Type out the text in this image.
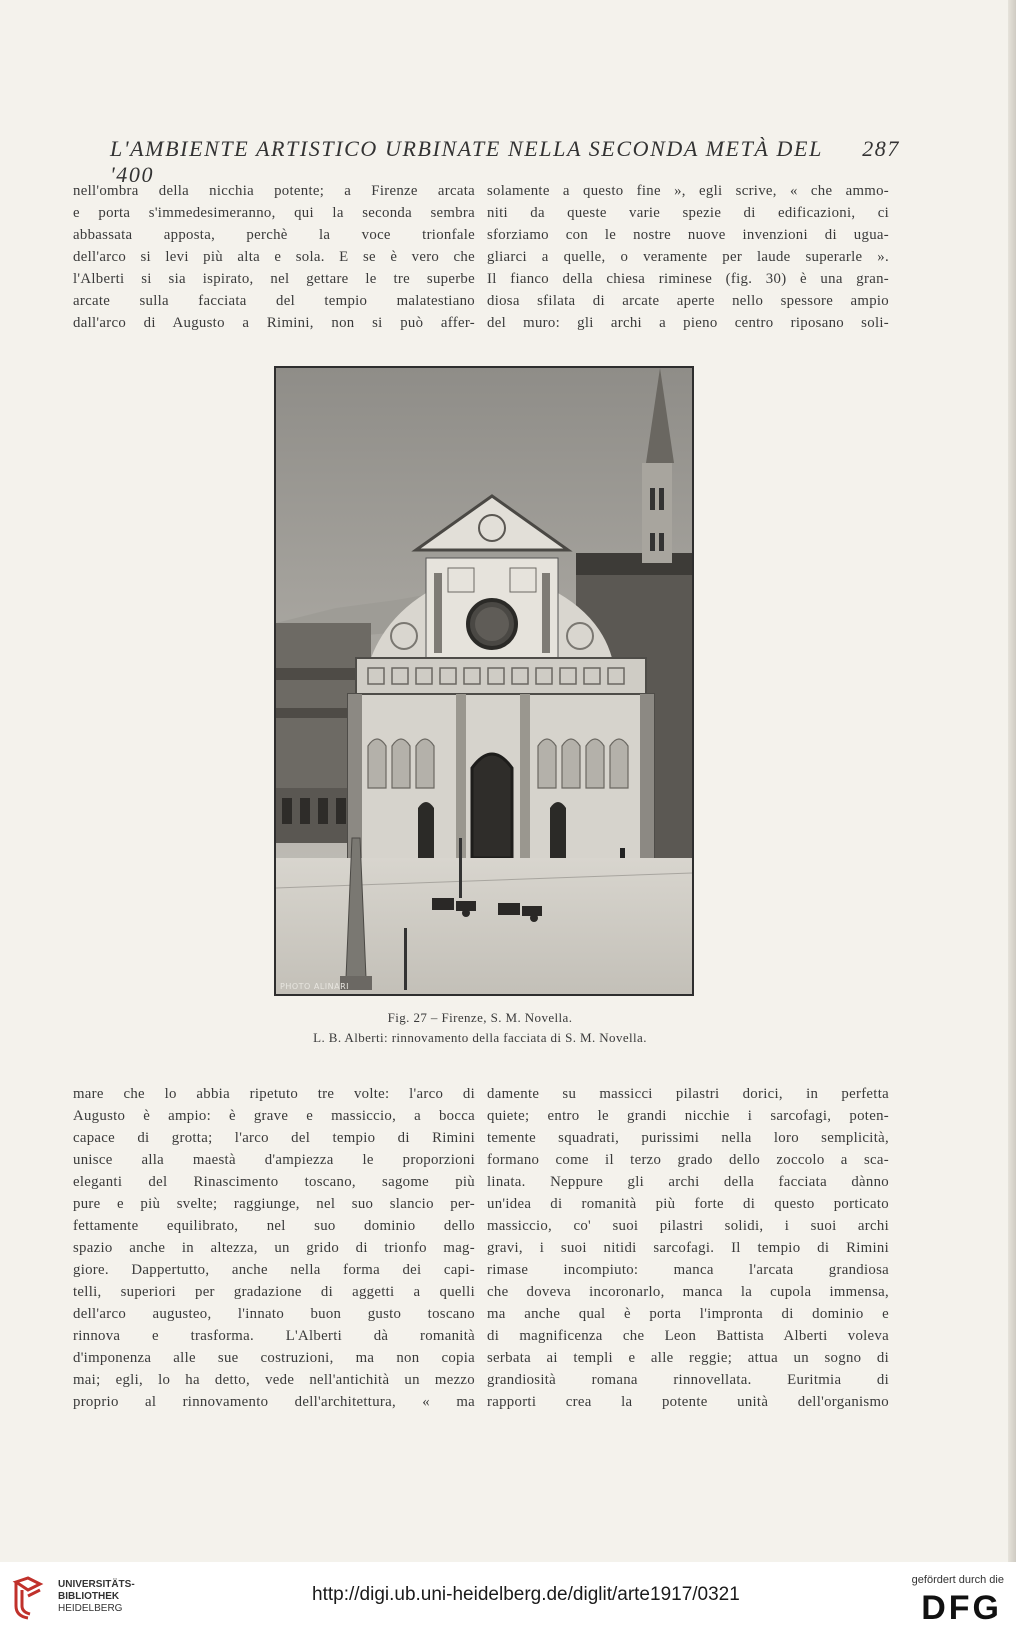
L'AMBIENTE ARTISTICO URBINATE NELLA SECONDA METÀ DEL '400
287
nell'ombra della nicchia potente; a Firenze arcata
e porta s'immedesimeranno, qui la seconda sembra
abbassata apposta, perchè la voce trionfale
dell'arco si levi più alta e sola. E se è vero che
l'Alberti si sia ispirato, nel gettare le tre superbe
arcate sulla facciata del tempio malatestiano
dall'arco di Augusto a Rimini, non si può affer-
solamente a questo fine », egli scrive, « che ammo-
niti da queste varie spezie di edificazioni, ci
sforziamo con le nostre nuove invenzioni di ugua-
gliarci a quelle, o veramente per laude superarle ».
Il fianco della chiesa riminese (fig. 30) è una gran-
diosa sfilata di arcate aperte nello spessore ampio
del muro: gli archi a pieno centro riposano soli-
PHOTO ALINARI
Fig. 27 – Firenze, S. M. Novella.
L. B. Alberti: rinnovamento della facciata di S. M. Novella.
mare che lo abbia ripetuto tre volte: l'arco di
Augusto è ampio: è grave e massiccio, a bocca
capace di grotta; l'arco del tempio di Rimini
unisce alla maestà d'ampiezza le proporzioni
eleganti del Rinascimento toscano, sagome più
pure e più svelte; raggiunge, nel suo slancio per-
fettamente equilibrato, nel suo dominio dello
spazio anche in altezza, un grido di trionfo mag-
giore. Dappertutto, anche nella forma dei capi-
telli, superiori per gradazione di aggetti a quelli
dell'arco augusteo, l'innato buon gusto toscano
rinnova e trasforma. L'Alberti dà romanità
d'imponenza alle sue costruzioni, ma non copia
mai; egli, lo ha detto, vede nell'antichità un mezzo
proprio al rinnovamento dell'architettura, « ma
damente su massicci pilastri dorici, in perfetta
quiete; entro le grandi nicchie i sarcofagi, poten-
temente squadrati, purissimi nella loro semplicità,
formano come il terzo grado dello zoccolo a sca-
linata. Neppure gli archi della facciata dànno
un'idea di romanità più forte di questo porticato
massiccio, co' suoi pilastri solidi, i suoi archi
gravi, i suoi nitidi sarcofagi. Il tempio di Rimini
rimase incompiuto: manca l'arcata grandiosa
che doveva incoronarlo, manca la cupola immensa,
ma anche qual è porta l'impronta di dominio e
di magnificenza che Leon Battista Alberti voleva
serbata ai templi e alle reggie; attua un sogno di
grandiosità romana rinnovellata. Euritmia di
rapporti crea la potente unità dell'organismo
UNIVERSITÄTS-
BIBLIOTHEK
HEIDELBERG
http://digi.ub.uni-heidelberg.de/diglit/arte1917/0321
gefördert durch die
DFG
